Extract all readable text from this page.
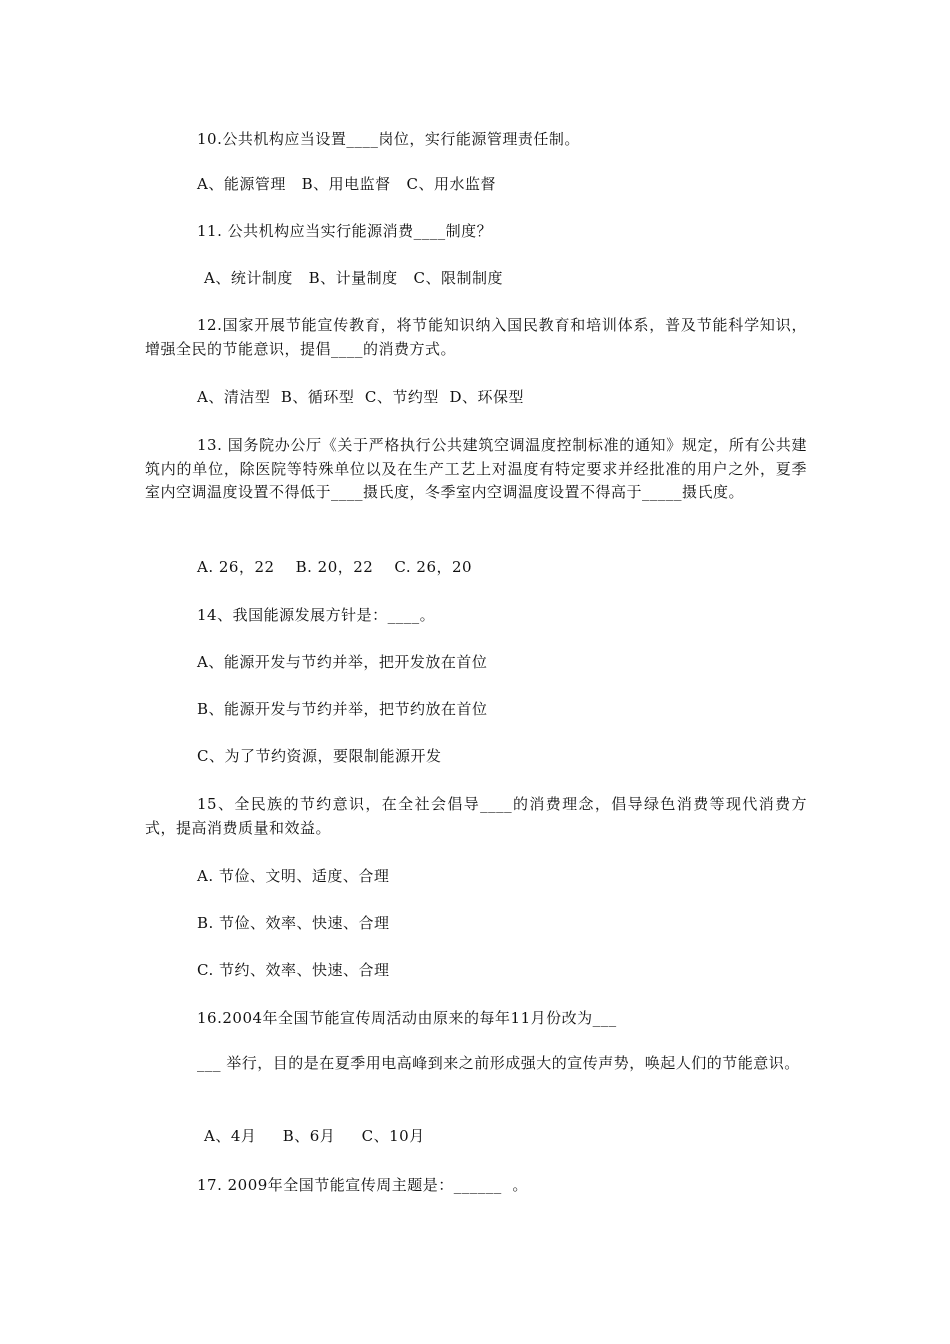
10.公共机构应当设置____岗位，实行能源管理责任制。
A、能源管理   B、用电监督   C、用水监督
11. 公共机构应当实行能源消费____制度？
A、统计制度   B、计量制度   C、限制制度

12.国家开展节能宣传教育，将节能知识纳入国民教育和培训体系，普及节能科学知识，增强全民的节能意识，提倡____的消费方式。

A、清洁型  B、循环型  C、节约型  D、环保型

13. 国务院办公厅《关于严格执行公共建筑空调温度控制标准的通知》规定，所有公共建筑内的单位，除医院等特殊单位以及在生产工艺上对温度有特定要求并经批准的用户之外，夏季室内空调温度设置不得低于____摄氏度，冬季室内空调温度设置不得高于_____摄氏度。

A. 26，22    B. 20，22    C. 26，20
14、我国能源发展方针是：____。
A、能源开发与节约并举，把开发放在首位
B、能源开发与节约并举，把节约放在首位
C、为了节约资源，要限制能源开发

15、全民族的节约意识，在全社会倡导____的消费理念，倡导绿色消费等现代消费方式，提高消费质量和效益。

A. 节俭、文明、适度、合理
B. 节俭、效率、快速、合理
C. 节约、效率、快速、合理
16.2004年全国节能宣传周活动由原来的每年11月份改为___

___ 举行，目的是在夏季用电高峰到来之前形成强大的宣传声势，唤起人们的节能意识。

A、4月     B、6月     C、10月
17. 2009年全国节能宣传周主题是：______  。
